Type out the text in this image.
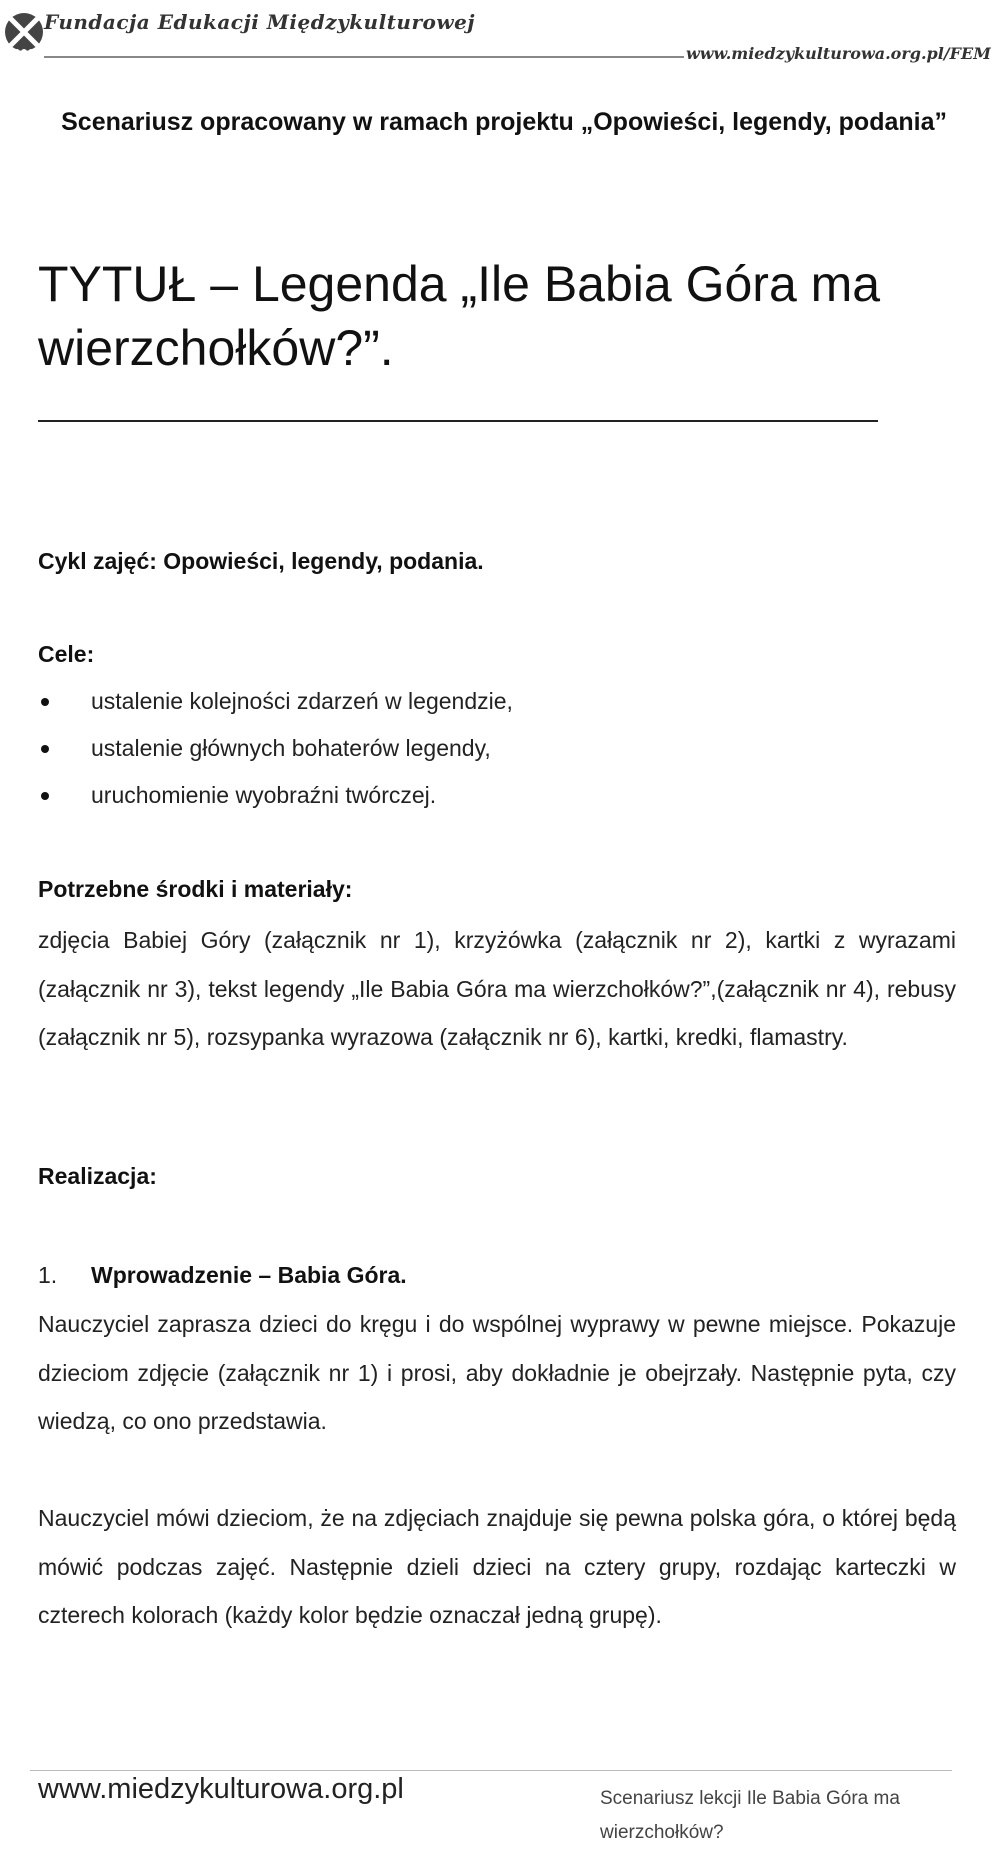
Fundacja Edukacji Międzykulturowej
www.miedzykulturowa.org.pl/FEM
Scenariusz opracowany w ramach projektu „Opowieści, legendy, podania”
TYTUŁ – Legenda „Ile Babia Góra ma wierzchołków?”.
Cykl zajęć: Opowieści, legendy, podania.
Cele:
ustalenie kolejności zdarzeń w legendzie,
ustalenie głównych bohaterów legendy,
uruchomienie wyobraźni twórczej.
Potrzebne środki i materiały:
zdjęcia Babiej Góry (załącznik nr 1), krzyżówka (załącznik nr 2), kartki z wyrazami (załącznik nr 3), tekst legendy „Ile Babia Góra ma wierzchołków?”,(załącznik nr 4), rebusy (załącznik nr 5), rozsypanka wyrazowa (załącznik nr 6), kartki, kredki, flamastry.
Realizacja:
1. Wprowadzenie – Babia Góra.
Nauczyciel zaprasza dzieci do kręgu i do wspólnej wyprawy w pewne miejsce. Pokazuje dzieciom zdjęcie (załącznik nr 1) i prosi, aby dokładnie je obejrzały. Następnie pyta, czy wiedzą, co ono przedstawia.
Nauczyciel mówi dzieciom, że na zdjęciach znajduje się pewna polska góra, o której będą mówić podczas zajęć. Następnie dzieli dzieci na cztery grupy, rozdając karteczki w czterech kolorach (każdy kolor będzie oznaczał jedną grupę).
www.miedzykulturowa.org.pl	Scenariusz lekcji Ile Babia Góra ma wierzchołków?
